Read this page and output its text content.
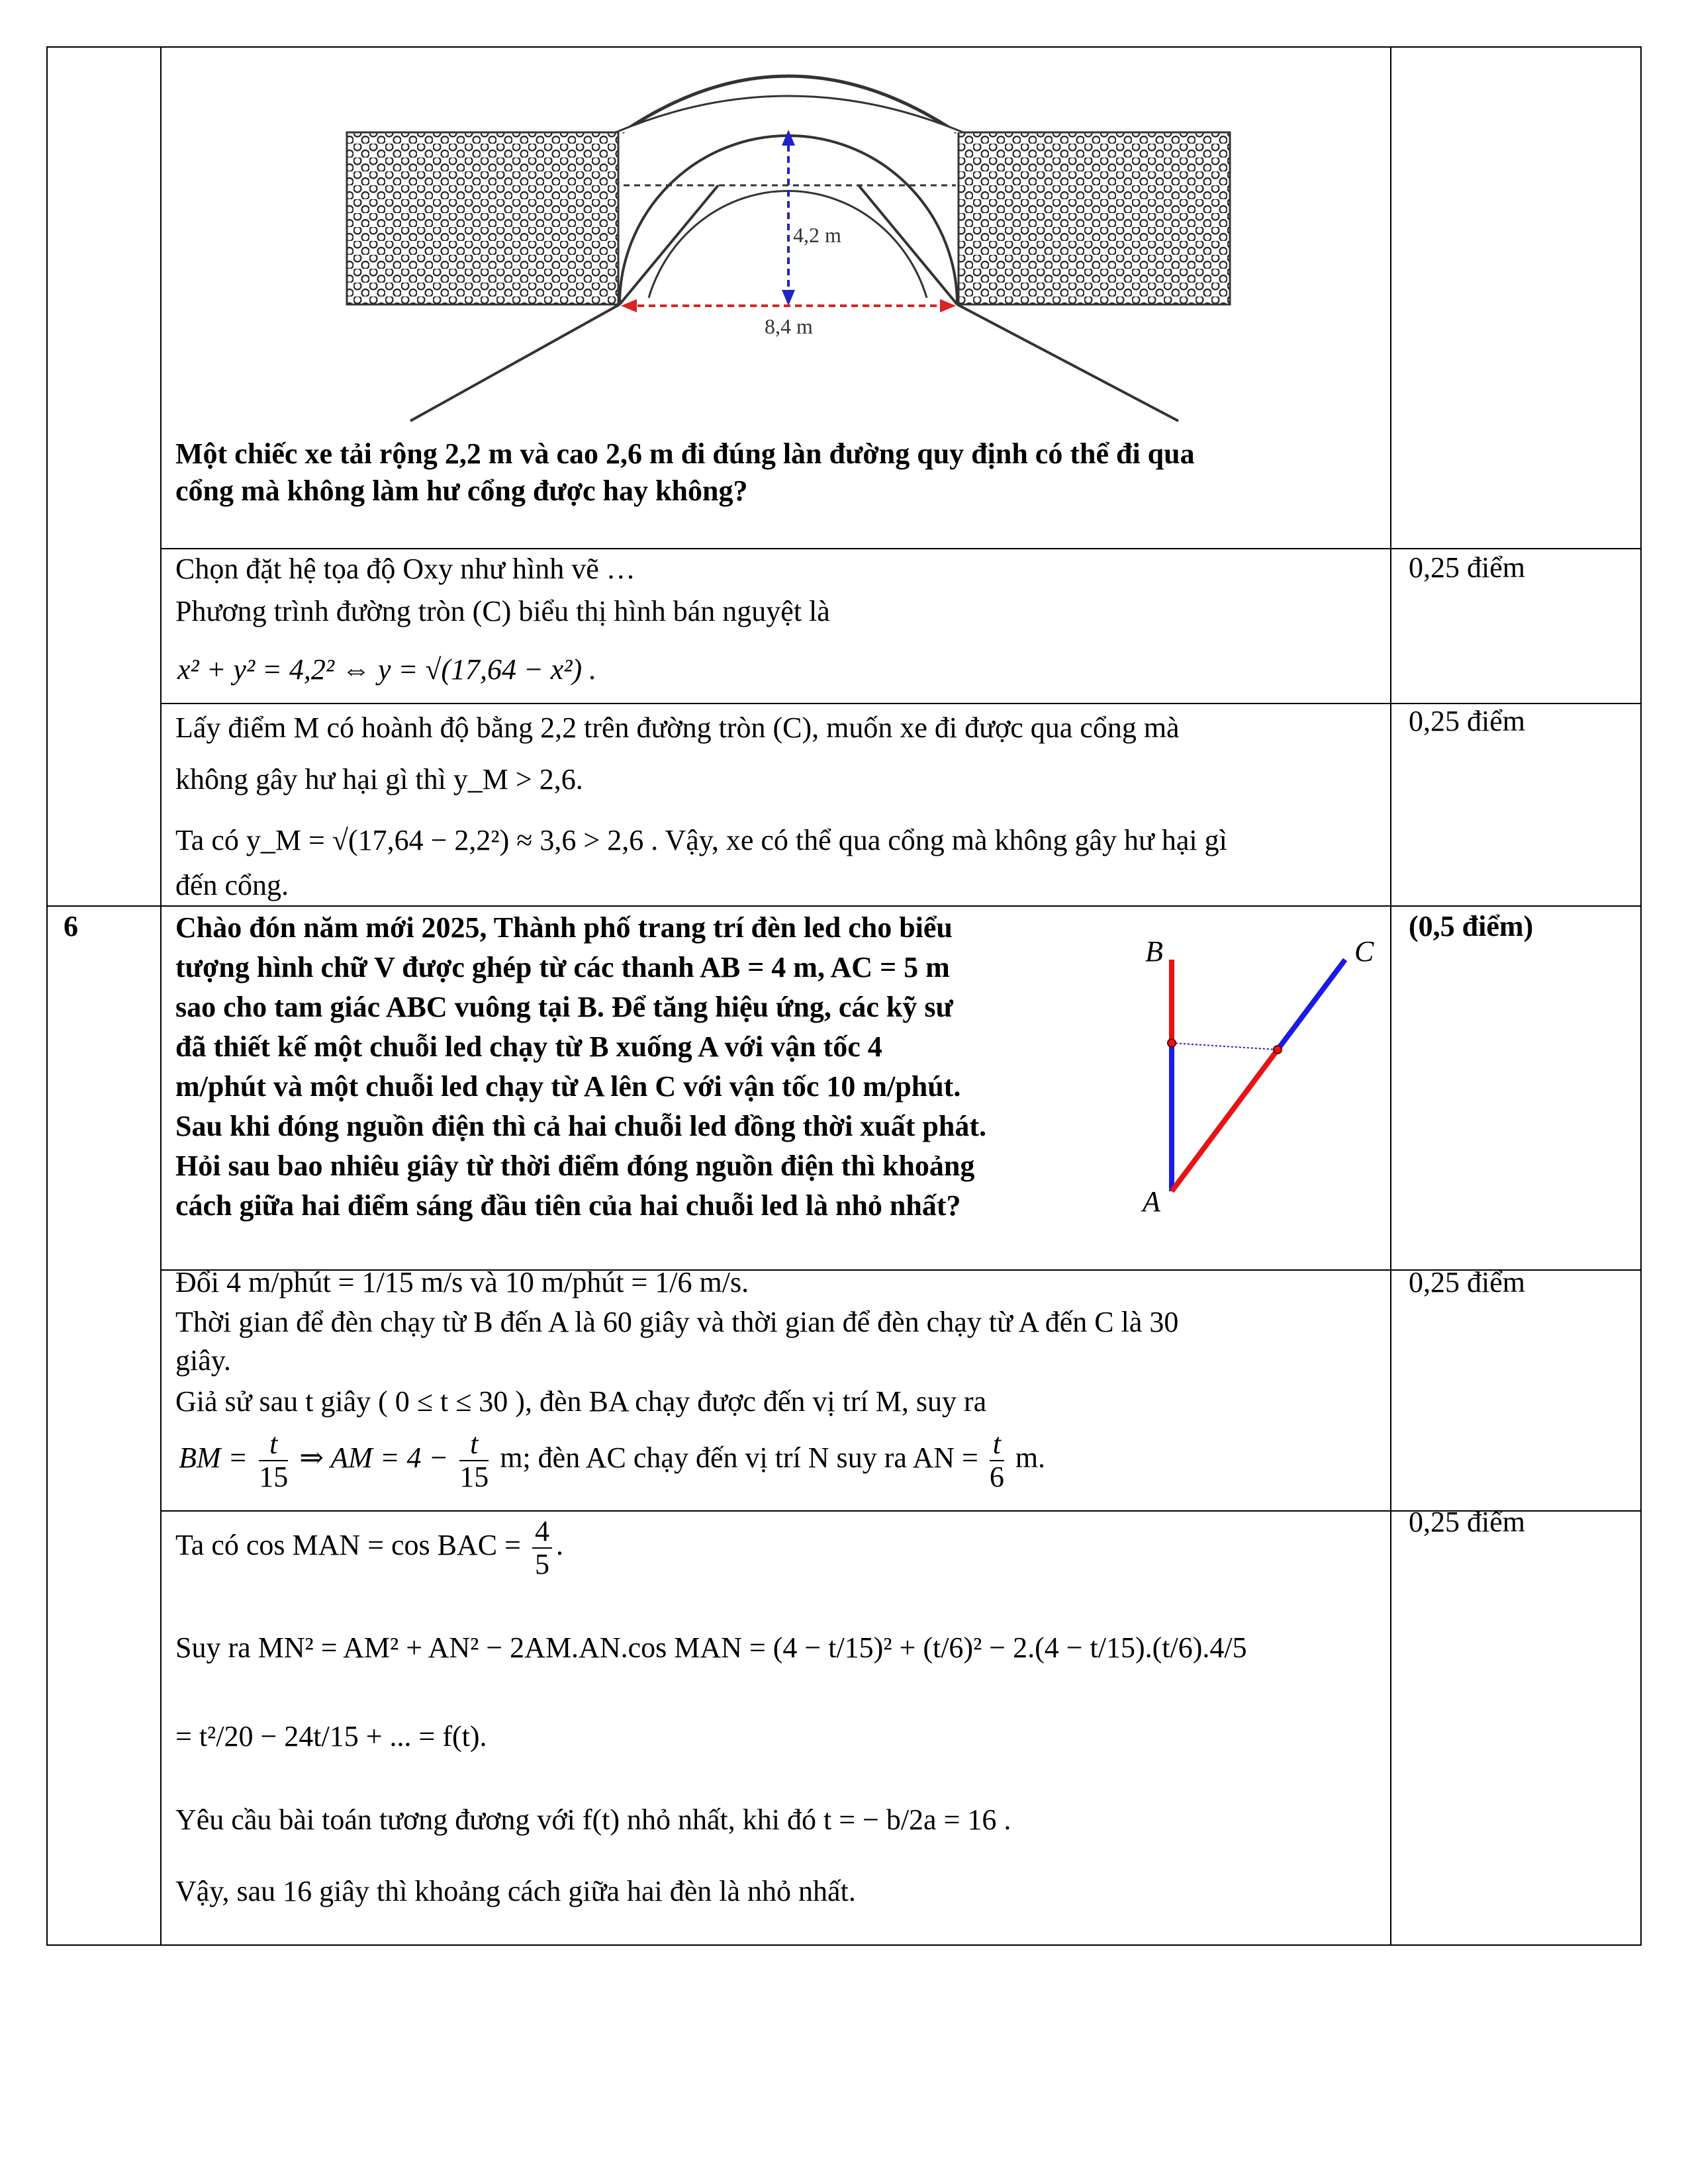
4,2 m
8,4 m
Một chiếc xe tải rộng 2,2 m và cao 2,6 m đi đúng làn đường quy định có thể đi qua
cổng mà không làm hư cổng được hay không?
Chọn đặt hệ tọa độ Oxy như hình vẽ …
Phương trình đường tròn (C) biểu thị hình bán nguyệt là
x² + y² = 4,2² ⇔ y = √(17,64 − x²) .
0,25 điểm
Lấy điểm M có hoành độ bằng 2,2 trên đường tròn (C), muốn xe đi được qua cổng mà
không gây hư hại gì thì y_M > 2,6.
Ta có y_M = √(17,64 − 2,2²) ≈ 3,6 > 2,6 . Vậy, xe có thể qua cổng mà không gây hư hại gì
đến cổng.
0,25 điểm
6	(0,5 điểm)
Chào đón năm mới 2025, Thành phố trang trí đèn led cho biểu
tượng hình chữ V được ghép từ các thanh AB = 4 m, AC = 5 m
sao cho tam giác ABC vuông tại B. Để tăng hiệu ứng, các kỹ sư
đã thiết kế một chuỗi led chạy từ B xuống A với vận tốc 4
m/phút và một chuỗi led chạy từ A lên C với vận tốc 10 m/phút.
Sau khi đóng nguồn điện thì cả hai chuỗi led đồng thời xuất phát.
Hỏi sau bao nhiêu giây từ thời điểm đóng nguồn điện thì khoảng
cách giữa hai điểm sáng đầu tiên của hai chuỗi led là nhỏ nhất?
B	C
A
Đổi 4 m/phút = 1/15 m/s và 10 m/phút = 1/6 m/s.
Thời gian để đèn chạy từ B đến A là 60 giây và thời gian để đèn chạy từ A đến C là 30
giây.
Giả sử sau t giây ( 0 ≤ t ≤ 30 ), đèn BA chạy được đến vị trí M, suy ra
BM = $\frac{t}{15}$ ⇒ AM = $4 - \frac{t}{15} m$; đèn AC chạy đến vị trí N suy ra AN = $\frac{t}{6} m$.
0,25 điểm
Ta có cos MAN = cos BAC = $\frac{4}{5}$ .
Suy ra MN² = AM² + AN² − 2AM.AN.cos MAN = (4 − t/15)² + (t/6)² − 2.(4 − t/15).(t/6).4/5
= t²/20 − 24t/15 + ... = f(t).
Yêu cầu bài toán tương đương với f(t) nhỏ nhất, khi đó t = − b/2a = 16 .
Vậy, sau 16 giây thì khoảng cách giữa hai đèn là nhỏ nhất.
0,25 điểm
